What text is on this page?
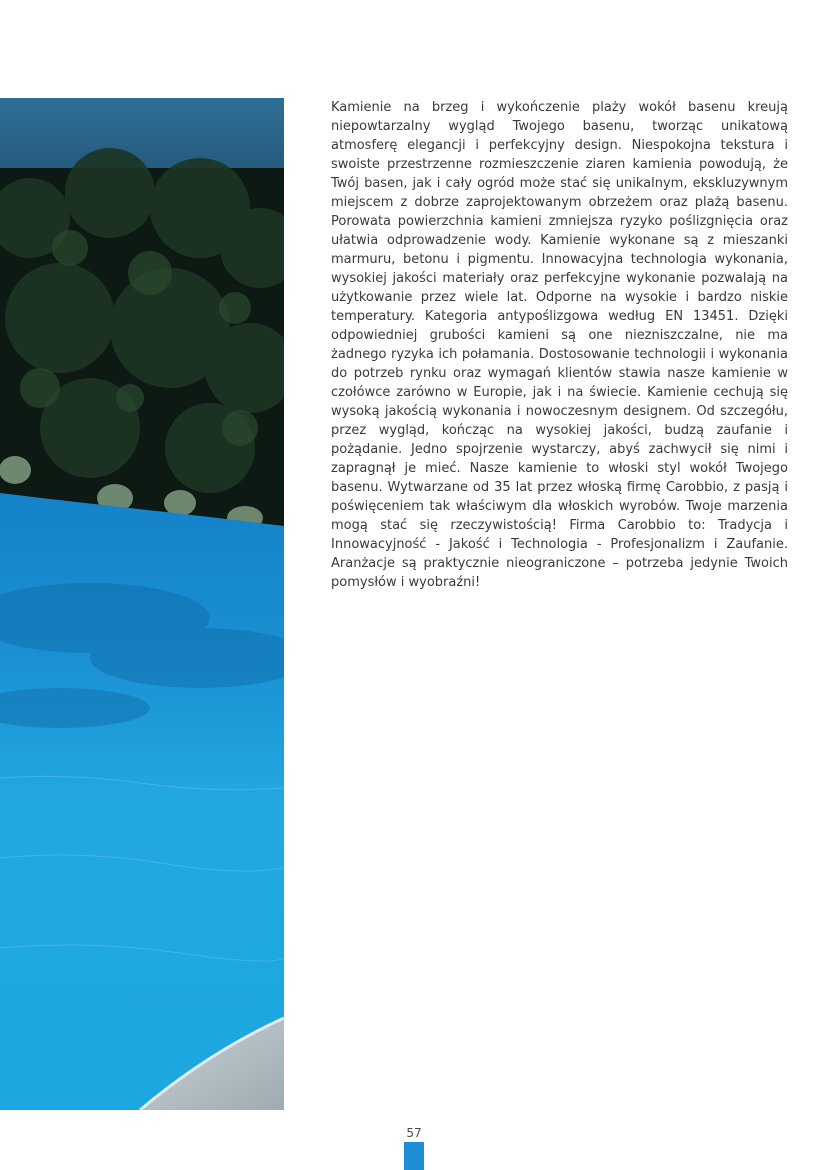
Kamienie na brzeg i wykończenie plaży wokół basenu kreują niepowtarzalny wygląd Twojego basenu, tworząc unikatową atmosferę elegancji i perfekcyjny design. Niespokojna tekstura i swoiste przestrzenne rozmieszczenie ziaren kamienia powodują, że Twój basen, jak i cały ogród może stać się unikalnym, ekskluzywnym miejscem z dobrze zaprojektowanym obrzeżem oraz plażą basenu. Porowata powierzchnia kamieni zmniejsza ryzyko poślizgnięcia oraz ułatwia odprowadzenie wody. Kamienie wykonane są z mieszanki marmuru, betonu i pigmentu. Innowacyjna technologia wykonania, wysokiej jakości materiały oraz perfekcyjne wykonanie pozwalają na użytkowanie przez wiele lat. Odporne na wysokie i bardzo niskie temperatury. Kategoria antypoślizgowa według EN 13451. Dzięki odpowiedniej grubości kamieni są one niezniszczalne, nie ma żadnego ryzyka ich połamania. Dostosowanie technologii i wykonania do potrzeb rynku oraz wymagań klientów stawia nasze kamienie w czołówce zarówno w Europie, jak i na świecie. Kamienie cechują się wysoką jakością wykonania i nowoczesnym designem. Od szczegółu, przez wygląd, kończąc na wysokiej jakości, budzą zaufanie i pożądanie. Jedno spojrzenie wystarczy, abyś zachwycił się nimi i zapragnął je mieć. Nasze kamienie to włoski styl wokół Twojego basenu. Wytwarzane od 35 lat przez włoską firmę Carobbio, z pasją i poświęceniem tak właściwym dla włoskich wyrobów. Twoje marzenia mogą stać się rzeczywistością! Firma Carobbio to: Tradycja i Innowacyjność - Jakość i Technologia - Profesjonalizm i Zaufanie. Aranżacje są praktycznie nieograniczone – potrzeba jedynie Twoich pomysłów i wyobraźni!

57
